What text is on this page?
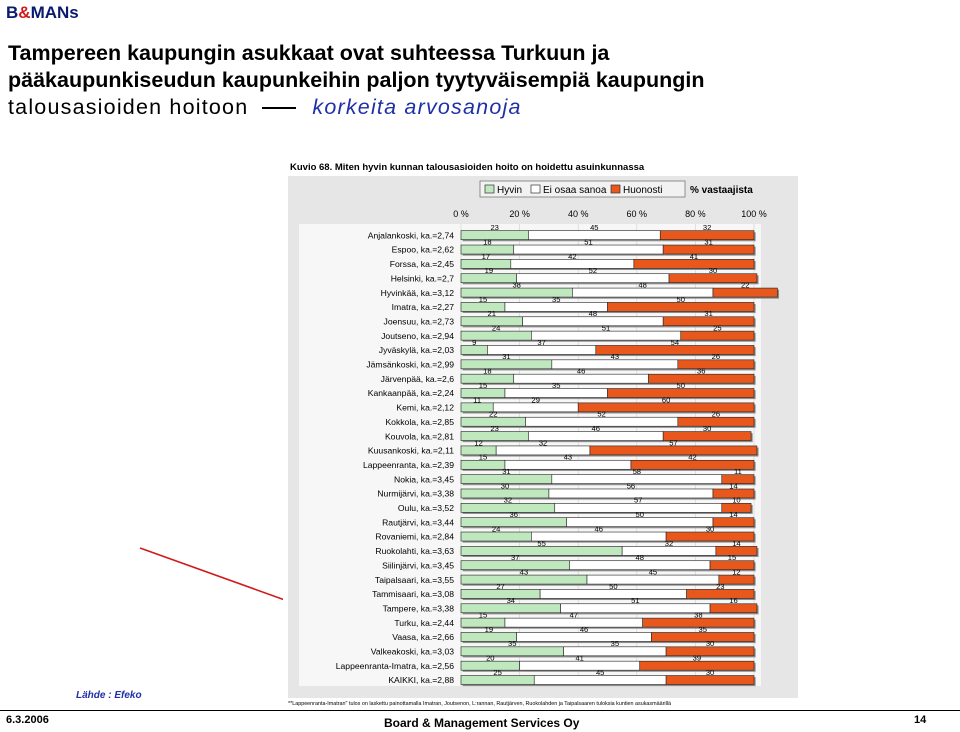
B&MANs
Tampereen kaupungin asukkaat ovat suhteessa Turkuun ja
pääkaupunkiseudun kaupunkeihin paljon tyytyväisempiä kaupungin
talousasioiden hoitoon	korkeita arvosanoja
Kuvio 68. Miten hyvin kunnan talousasioiden hoito on hoidettu asuinkunnassa
Hyvin Ei osaa sanoa Huonosti	% vastaajista
0 %	20 %	40 %	60 %	80 %	100 %
Anjalankoski, ka.=2,74
23	45	32
Espoo, ka.=2,62
18	51	31
Forssa, ka.=2,45
17	42	41
Helsinki, ka.=2,7
19	52	30
Hyvinkää, ka.=3,12
38	48	22
Imatra, ka.=2,27
15	35	50
Joensuu, ka.=2,73
21	48	31
Joutseno, ka.=2,94
24	51	25
Jyväskylä, ka.=2,03
9	37	54
Jämsänkoski, ka.=2,99
31	43	26
Järvenpää, ka.=2,6
18	46	36
Kankaanpää, ka.=2,24
15	35	50
Kemi, ka.=2,12
11	29	60
Kokkola, ka.=2,85
22	52	26
Kouvola, ka.=2,81
23	46	30
Kuusankoski, ka.=2,11
12	32	57
Lappeenranta, ka.=2,39
15	43	42
Nokia, ka.=3,45
31	58	11
Nurmijärvi, ka.=3,38
30	56	14
Oulu, ka.=3,52
32	57	10
Rautjärvi, ka.=3,44
36	50	14
Rovaniemi, ka.=2,84
24	46	30
Ruokolahti, ka.=3,63
55	32	14
Siilinjärvi, ka.=3,45
37	48	15
Taipalsaari, ka.=3,55
43	45	12
Tammisaari, ka.=3,08
27	50	23
Tampere, ka.=3,38
34	51	16
Turku, ka.=2,44
15	47	38
Vaasa, ka.=2,66
19	46	35
Valkeakoski, ka.=3,03
35	35	30
Lappeenranta-Imatra, ka.=2,56
20	41	39
KAIKKI, ka.=2,88
25	45	30
**Lappeenranta-Imatran" tulos on laskettu painottamalla Imatran, Joutsenon, L:rannan, Rautjärven, Ruokolahden ja Taipalsaaren tuloksia kuntien asukasmäärillä
Lähde : Efeko
6.3.2006	Board & Management Services Oy	14
